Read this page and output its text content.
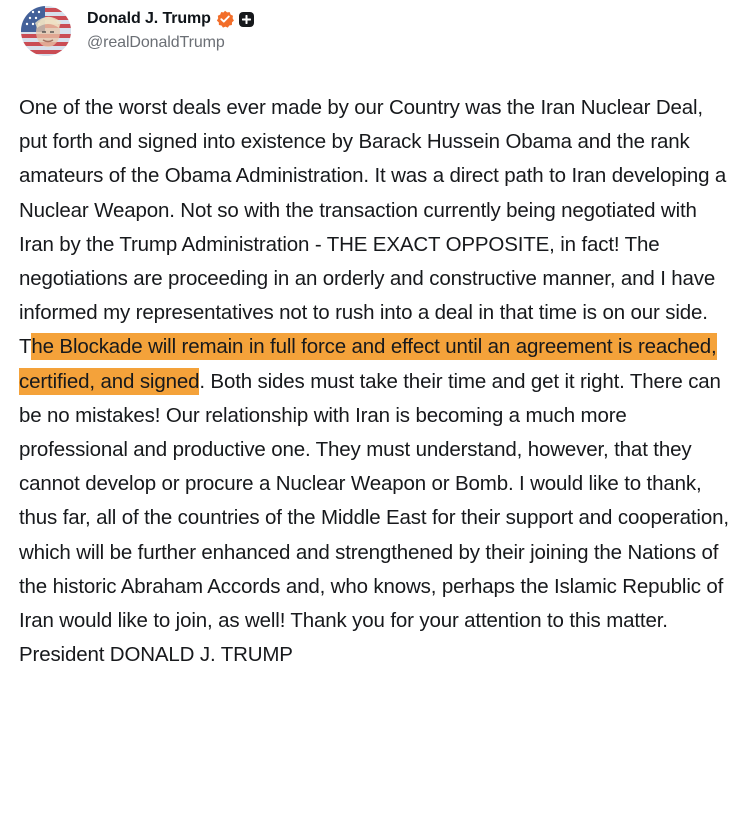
Donald J. Trump
@realDonaldTrump

One of the worst deals ever made by our Country was the Iran Nuclear Deal, put forth and signed into existence by Barack Hussein Obama and the rank amateurs of the Obama Administration. It was a direct path to Iran developing a Nuclear Weapon. Not so with the transaction currently being negotiated with Iran by the Trump Administration - THE EXACT OPPOSITE, in fact! The negotiations are proceeding in an orderly and constructive manner, and I have informed my representatives not to rush into a deal in that time is on our side. The Blockade will remain in full force and effect until an agreement is reached, certified, and signed. Both sides must take their time and get it right. There can be no mistakes! Our relationship with Iran is becoming a much more professional and productive one. They must understand, however, that they cannot develop or procure a Nuclear Weapon or Bomb. I would like to thank, thus far, all of the countries of the Middle East for their support and cooperation, which will be further enhanced and strengthened by their joining the Nations of the historic Abraham Accords and, who knows, perhaps the Islamic Republic of Iran would like to join, as well! Thank you for your attention to this matter. President DONALD J. TRUMP
